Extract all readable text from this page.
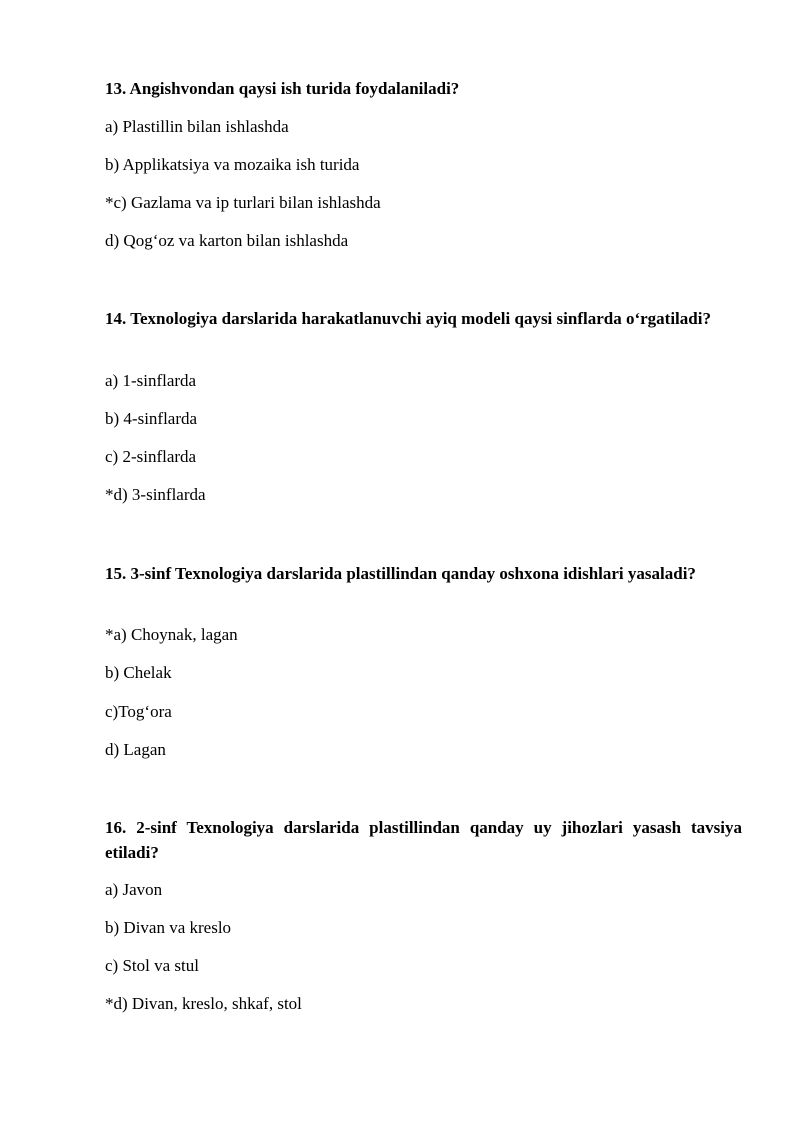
13. Angishvondan qaysi ish turida foydalaniladi?
a) Plastillin bilan ishlashda
b) Applikatsiya va mozaika ish turida
*c) Gazlama va ip turlari bilan ishlashda
d) Qog‘oz va karton bilan ishlashda
14. Texnologiya darslarida harakatlanuvchi ayiq modeli qaysi sinflarda o‘rgatiladi?
a) 1-sinflarda
b) 4-sinflarda
c) 2-sinflarda
*d) 3-sinflarda
15. 3-sinf Texnologiya darslarida plastillindan qanday oshxona idishlari yasaladi?
*a) Choynak, lagan
b) Chelak
c)Tog‘ora
d) Lagan
16. 2-sinf Texnologiya darslarida plastillindan qanday uy jihozlari yasash tavsiya etiladi?
a) Javon
b) Divan va kreslo
c) Stol va stul
*d) Divan, kreslo, shkaf, stol
